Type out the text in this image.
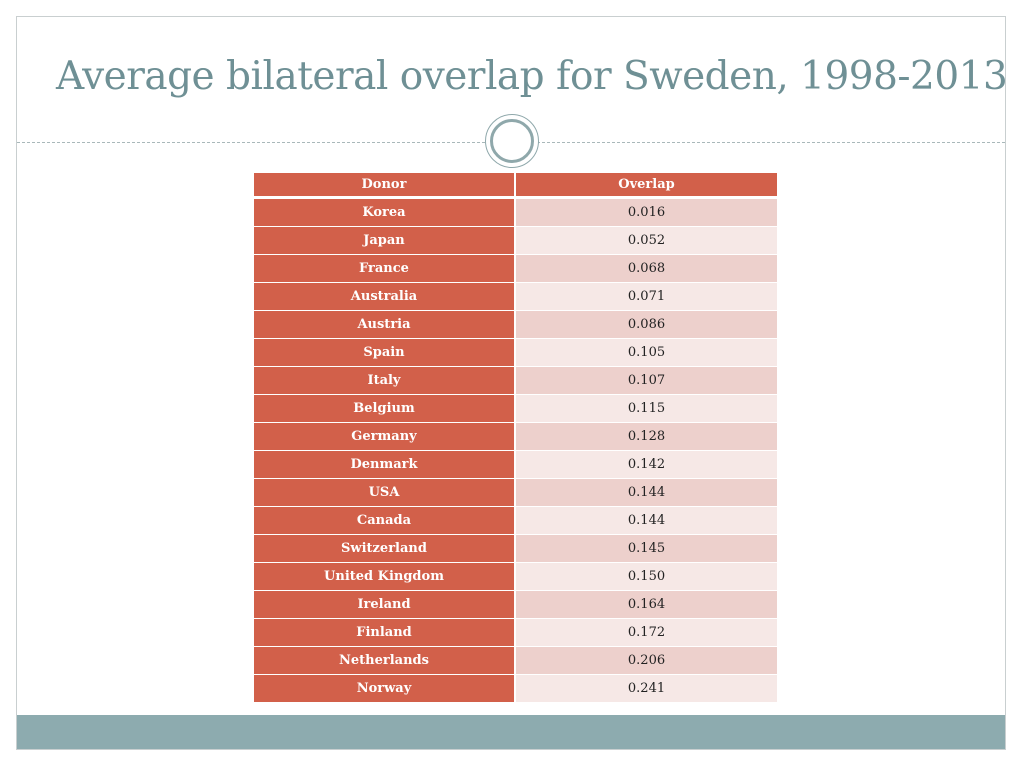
Average bilateral overlap for Sweden, 1998-2013
Donor	Overlap
Korea	0.016
Japan	0.052
France	0.068
Australia	0.071
Austria	0.086
Spain	0.105
Italy	0.107
Belgium	0.115
Germany	0.128
Denmark	0.142
USA	0.144
Canada	0.144
Switzerland	0.145
United Kingdom	0.150
Ireland	0.164
Finland	0.172
Netherlands	0.206
Norway	0.241
